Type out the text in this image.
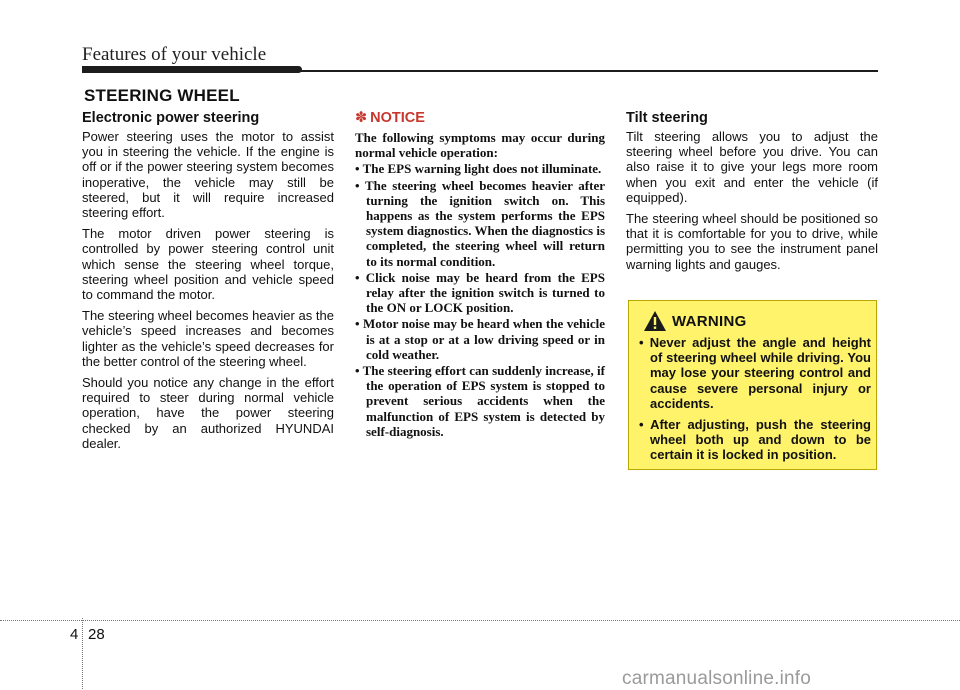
Features of your vehicle
STEERING WHEEL
Electronic power steering

Power steering uses the motor to assist you in steering the vehicle. If the engine is off or if the power steering system becomes inoperative, the vehicle may still be steered, but it will require increased steering effort.

The motor driven power steering is controlled by power steering control unit which sense the steering wheel torque, steering wheel position and vehicle speed to command the motor.

The steering wheel becomes heavier as the vehicle’s speed increases and becomes lighter as the vehicle’s speed decreases for the better control of the steering wheel.

Should you notice any change in the effort required to steer during normal vehicle operation, have the power steering checked by an authorized HYUNDAI dealer.

✽ NOTICE
The following symptoms may occur during normal vehicle operation:
• The EPS warning light does not illuminate.
• The steering wheel becomes heavier after turning the ignition switch on. This happens as the system performs the EPS system diagnostics. When the diagnostics is completed, the steering wheel will return to its normal condition.
• Click noise may be heard from the EPS relay after the ignition switch is turned to the ON or LOCK position.
• Motor noise may be heard when the vehicle is at a stop or at a low driving speed or in cold weather.
• The steering effort can suddenly increase, if the operation of EPS system is stopped to prevent serious accidents when the malfunction of EPS system is detected by self-diagnosis.
Tilt steering

Tilt steering allows you to adjust the steering wheel before you drive. You can also raise it to give your legs more room when you exit and enter the vehicle (if equipped).

The steering wheel should be positioned so that it is comfortable for you to drive, while permitting you to see the instrument panel warning lights and gauges.

WARNING
• Never adjust the angle and height of steering wheel while driving. You may lose your steering control and cause severe personal injury or accidents.
• After adjusting, push the steering wheel both up and down to be certain it is locked in position.
4 28
carmanualsonline.info
